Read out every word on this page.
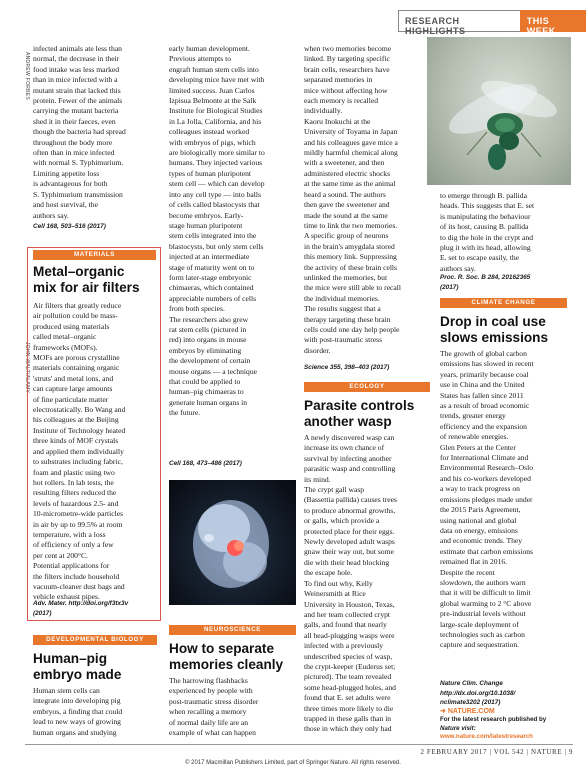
RESEARCH HIGHLIGHTS
THIS WEEK
ANDREW FORBES
JOHN WALT/ALAMY
infected animals ate less than
normal, the decrease in their
food intake was less marked
than in mice infected with a
mutant strain that lacked this
protein. Fewer of the animals
carrying the mutant bacteria
shed it in their faeces, even
though the bacteria had spread
throughout the body more
often than in mice infected
with normal S. Typhimurium.
Limiting appetite loss
is advantageous for both
S. Typhimurium transmission
and host survival, the
authors say.
Cell 168, 503–516 (2017)
MATERIALS
Metal–organic
mix for air filters
Air filters that greatly reduce
air pollution could be mass-
produced using materials
called metal–organic
frameworks (MOFs).
MOFs are porous crystalline
materials containing organic
'struts' and metal ions, and
can capture large amounts
of fine particulate matter
electrostatically. Bo Wang and
his colleagues at the Beijing
Institute of Technology heated
three kinds of MOF crystals
and applied them individually
to substrates including fabric,
foam and plastic using two
hot rollers. In lab tests, the
resulting filters reduced the
levels of hazardous 2.5- and
10-micrometre-wide particles
in air by up to 99.5% at room
temperature, with a loss
of efficiency of only a few
per cent at 200°C.
Potential applications for
the filters include household
vacuum-cleaner dust bags and
vehicle exhaust pipes.
Adv. Mater. http://doi.org/f3tx3v
(2017)
DEVELOPMENTAL BIOLOGY
Human–pig
embryo made
Human stem cells can
integrate into developing pig
embryos, a finding that could
lead to new ways of growing
human organs and studying
early human development.
Previous attempts to
engraft human stem cells into
developing mice have met with
limited success. Juan Carlos
Izpisua Belmonte at the Salk
Institute for Biological Studies
in La Jolla, California, and his
colleagues instead worked
with embryos of pigs, which
are biologically more similar to
humans. They injected various
types of human pluripotent
stem cell — which can develop
into any cell type — into balls
of cells called blastocysts that
become embryos. Early-
stage human pluripotent
stem cells integrated into the
blastocysts, but only stem cells
injected at an intermediate
stage of maturity went on to
form later-stage embryonic
chimaeras, which contained
appreciable numbers of cells
from both species.
The researchers also grew
rat stem cells (pictured in
red) into organs in mouse
embryos by eliminating
the development of certain
mouse organs — a technique
that could be applied to
human–pig chimaeras to
generate human organs in
the future.
Cell 168, 473–486 (2017)
NEUROSCIENCE
How to separate
memories cleanly
The harrowing flashbacks
experienced by people with
post-traumatic stress disorder
when recalling a memory
of normal daily life are an
example of what can happen
when two memories become
linked. By targeting specific
brain cells, researchers have
separated memories in
mice without affecting how
each memory is recalled
individually.
Kaoru Inokuchi at the
University of Toyama in Japan
and his colleagues gave mice a
mildly harmful chemical along
with a sweetener, and then
administered electric shocks
at the same time as the animal
heard a sound. The authors
then gave the sweetener and
made the sound at the same
time to link the two memories.
A specific group of neurons
in the brain's amygdala stored
this memory link. Suppressing
the activity of these brain cells
unlinked the memories, but
the mice were still able to recall
the individual memories.
The results suggest that a
therapy targeting these brain
cells could one day help people
with post-traumatic stress
disorder.
Science 355, 398–403 (2017)
ECOLOGY
Parasite controls
another wasp
A newly discovered wasp can
increase its own chance of
survival by infecting another
parasitic wasp and controlling
its mind.
The crypt gall wasp
(Bassettia pallida) causes trees
to produce abnormal growths,
or galls, which provide a
protected place for their eggs.
Newly developed adult wasps
gnaw their way out, but some
die with their head blocking
the escape hole.
To find out why, Kelly
Weinersmith at Rice
University in Houston, Texas,
and her team collected crypt
galls, and found that nearly
all head-plugging wasps were
infected with a previously
undescribed species of wasp,
the crypt-keeper (Euderus set;
pictured). The team revealed
some head-plugged holes, and
found that E. set adults were
three times more likely to die
trapped in these galls than in
those in which they only had
to emerge through B. pallida
heads. This suggests that E. set
is manipulating the behaviour
of its host, causing B. pallida
to dig the hole in the crypt and
plug it with its head, allowing
E. set to escape easily, the
authors say.
Proc. R. Soc. B 284, 20162365
(2017)
CLIMATE CHANGE
Drop in coal use
slows emissions
The growth of global carbon
emissions has slowed in recent
years, primarily because coal
use in China and the United
States has fallen since 2011
as a result of broad economic
trends, greater energy
efficiency and the expansion
of renewable energies.
Glen Peters at the Center
for International Climate and
Environmental Research–Oslo
and his co-workers developed
a way to track progress on
emissions pledges made under
the 2015 Paris Agreement,
using national and global
data on energy, emissions
and economic trends. They
estimate that carbon emissions
remained flat in 2016.
Despite the recent
slowdown, the authors warn
that it will be difficult to limit
global warming to 2 °C above
pre-industrial levels without
large-scale deployment of
technologies such as carbon
capture and sequestration.
Nature Clim. Change
http://dx.doi.org/10.1038/
nclimate3202 (2017)
➜ NATURE.COM
For the latest research published by
Nature visit:
www.nature.com/latestresearch
2 FEBRUARY 2017 | VOL 542 | NATURE | 9
© 2017 Macmillan Publishers Limited, part of Springer Nature. All rights reserved.
